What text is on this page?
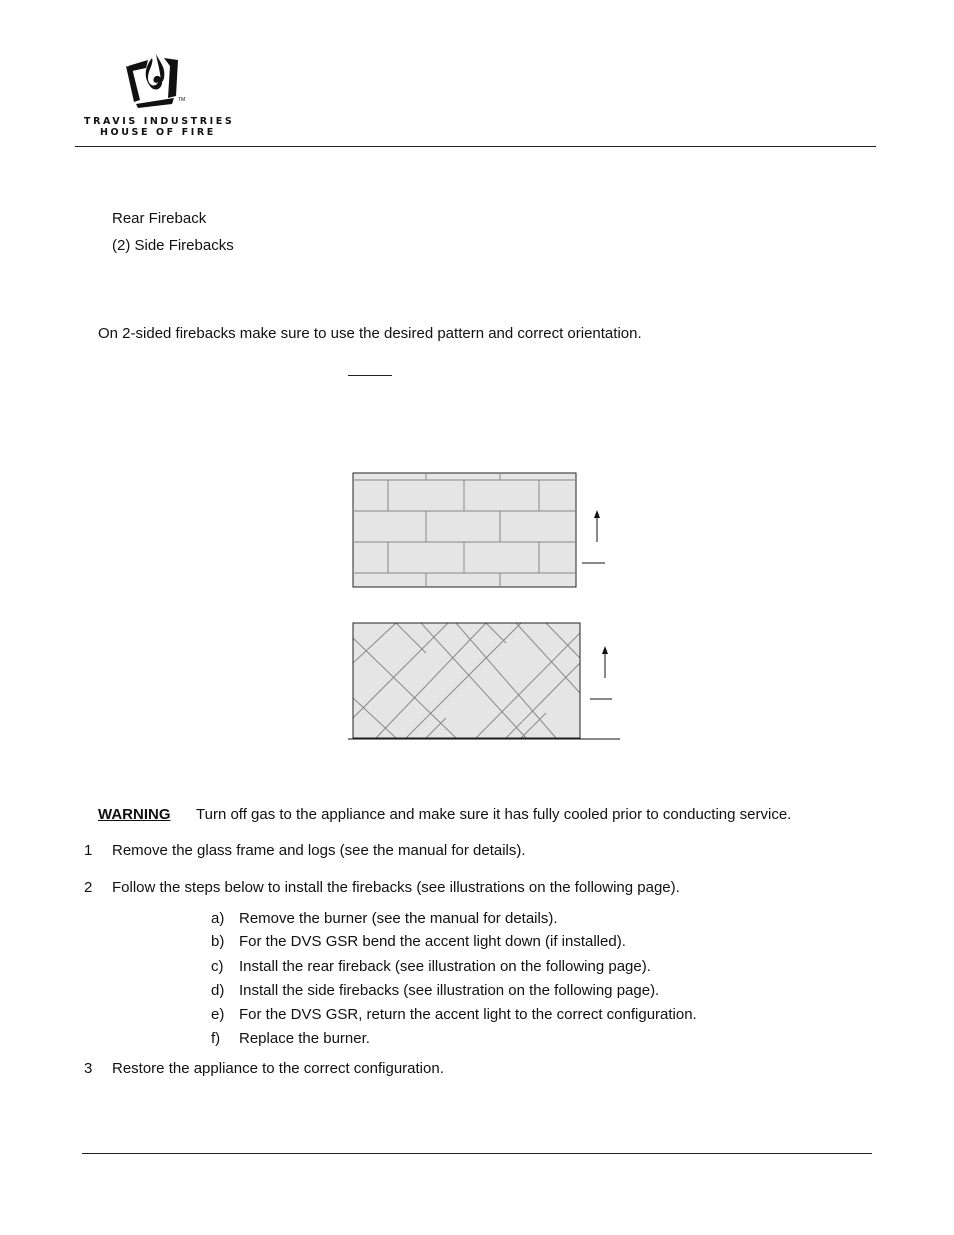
TM
TRAVIS INDUSTRIES
HOUSE OF FIRE
Rear Fireback
(2) Side Firebacks
On 2-sided firebacks make sure to use the desired pattern and correct orientation.
WARNING Turn off gas to the appliance and make sure it has fully cooled prior to conducting service.
1 Remove the glass frame and logs (see the manual for details).
2 Follow the steps below to install the firebacks (see illustrations on the following page).
a) Remove the burner (see the manual for details).
b) For the DVS GSR bend the accent light down (if installed).
c) Install the rear fireback (see illustration on the following page).
d) Install the side firebacks (see illustration on the following page).
e) For the DVS GSR, return the accent light to the correct configuration.
f) Replace the burner.
3 Restore the appliance to the correct configuration.
